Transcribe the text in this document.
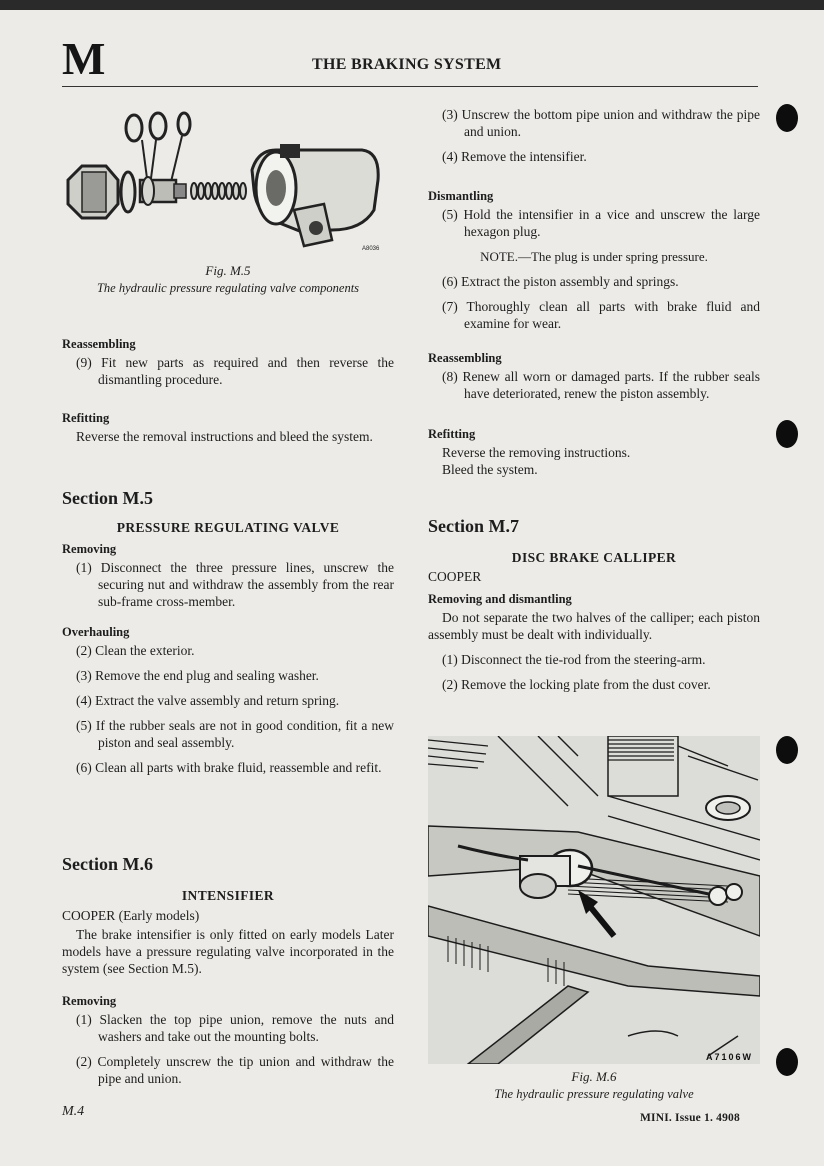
M	THE BRAKING SYSTEM
A8036
Fig. M.5
The hydraulic pressure regulating valve components
Reassembling
(9) Fit new parts as required and then reverse the dismantling procedure.
Refitting
Reverse the removal instructions and bleed the system.
Section M.5
PRESSURE REGULATING VALVE
Removing
(1) Disconnect the three pressure lines, unscrew the securing nut and withdraw the assembly from the rear sub-frame cross-member.
Overhauling
(2) Clean the exterior.
(3) Remove the end plug and sealing washer.
(4) Extract the valve assembly and return spring.
(5) If the rubber seals are not in good condition, fit a new piston and seal assembly.
(6) Clean all parts with brake fluid, reassemble and refit.
Section M.6
INTENSIFIER
COOPER (Early models)
The brake intensifier is only fitted on early models Later models have a pressure regulating valve incorporated in the system (see Section M.5).
Removing
(1) Slacken the top pipe union, remove the nuts and washers and take out the mounting bolts.
(2) Completely unscrew the tip union and withdraw the pipe and union.
(3) Unscrew the bottom pipe union and withdraw the pipe and union.
(4) Remove the intensifier.
Dismantling
(5) Hold the intensifier in a vice and unscrew the large hexagon plug.
NOTE.—The plug is under spring pressure.
(6) Extract the piston assembly and springs.
(7) Thoroughly clean all parts with brake fluid and examine for wear.
Reassembling
(8) Renew all worn or damaged parts. If the rubber seals have deteriorated, renew the piston assembly.
Refitting
Reverse the removing instructions.
Bleed the system.
Section M.7
DISC BRAKE CALLIPER
COOPER
Removing and dismantling
Do not separate the two halves of the calliper; each piston assembly must be dealt with individually.
(1) Disconnect the tie-rod from the steering-arm.
(2) Remove the locking plate from the dust cover.
A7106W
Fig. M.6
The hydraulic pressure regulating valve
M.4	MINI. Issue 1. 4908
